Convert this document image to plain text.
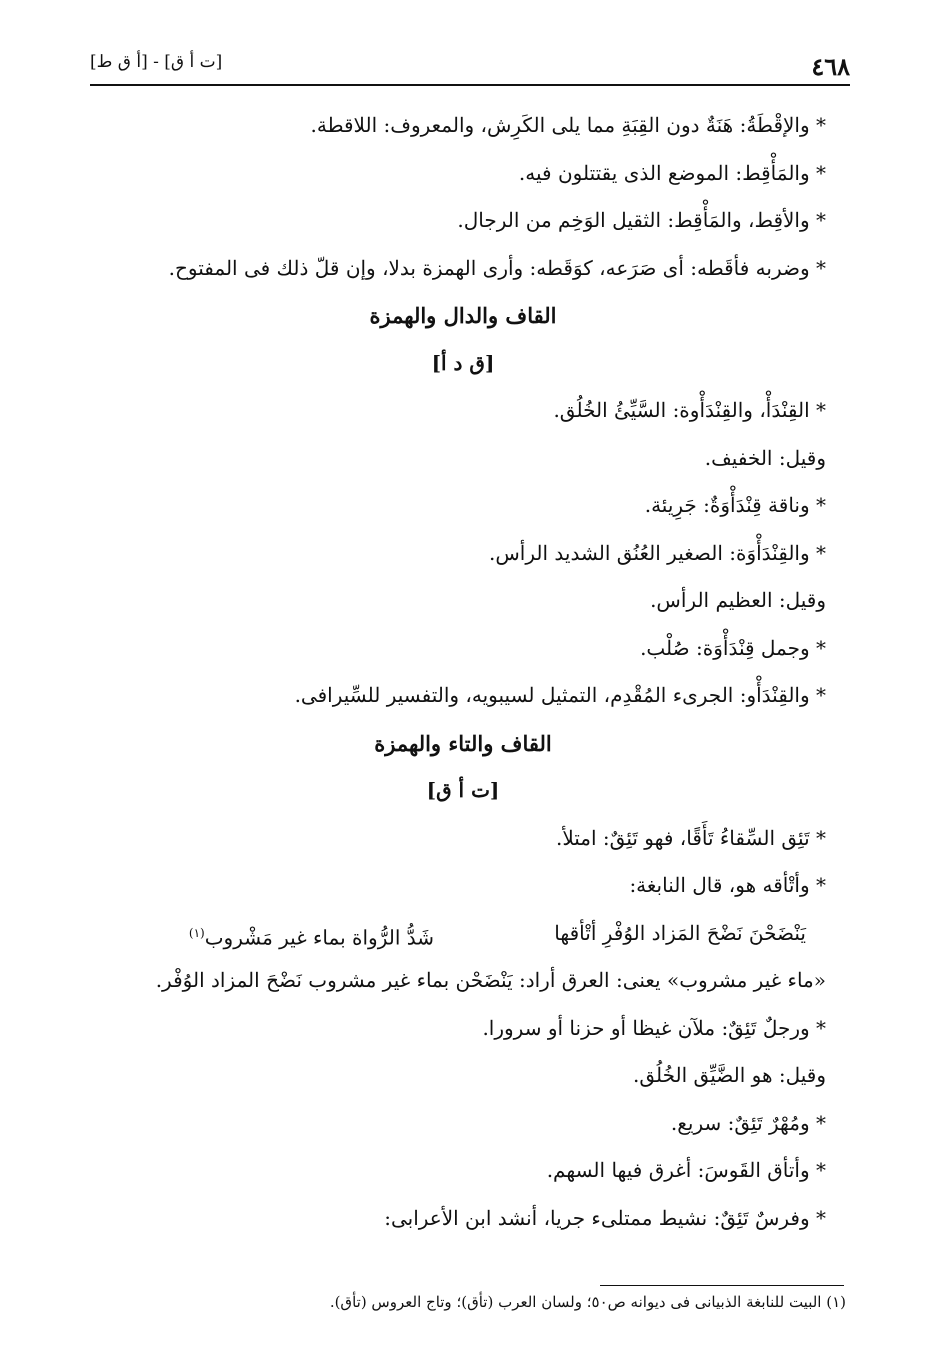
٤٦٨
[أ ق ط] - [ت أ ق]
* والإقْطَةُ: هَنَةٌ دون القِبَةِ مما يلى الكَرِش، والمعروف: اللاقطة.
* والمَأْقِط: الموضع الذى يقتتلون فيه.
* والأقِط، والمَأْقِط: الثقيل الوَخِم من الرجال.
* وضربه فأقَطه: أى صَرَعه، كوَقَطه: وأرى الهمزة بدلا، وإن قلّ ذلك فى المفتوح.
القاف والدال والهمزة
[ق د أ]
* القِنْدَأْ، والقِنْدَأْوة: السَّيِّئُ الخُلُق.
وقيل: الخفيف.
* وناقة قِنْدَأْوَةٌ: جَرِيئة.
* والقِنْدَأْوَة: الصغير العُنُق الشديد الرأس.
وقيل: العظيم الرأس.
* وجمل قِنْدَأْوَة: صُلْب.
* والقِنْدَأْو: الجرىء المُقْدِم، التمثيل لسيبويه، والتفسير للسِّيرافى.
القاف والتاء والهمزة
[ت أ ق]
* تَئِق السِّقاءُ تَأَقًا، فهو تَئِقٌ: امتلأ.
* وأتْأقه هو، قال النابغة:
يَنْضَحْنَ نَضْحَ المَزاد الوُفْرِ أتْأقها
شَدُّ الرُّواة بماء غير مَشْروب$^{(١)}$
«ماء غير مشروب» يعنى: العرق أراد: يَنْضَحْن بماء غير مشروب نَضْحَ المزاد الوُفْر.
* ورجلٌ تَئِقٌ: ملآن غيظا أو حزنا أو سرورا.
وقيل: هو الضَّيِّق الخُلُق.
* ومُهْرٌ تَئِقٌ: سريع.
* وأتأق القَوسَ: أغرق فيها السهم.
* وفرسٌ تَئِقٌ: نشيط ممتلىء جريا، أنشد ابن الأعرابى:
(١) البيت للنابغة الذبيانى فى ديوانه ص٥٠؛ ولسان العرب (تأق)؛ وتاج العروس (تأق).
